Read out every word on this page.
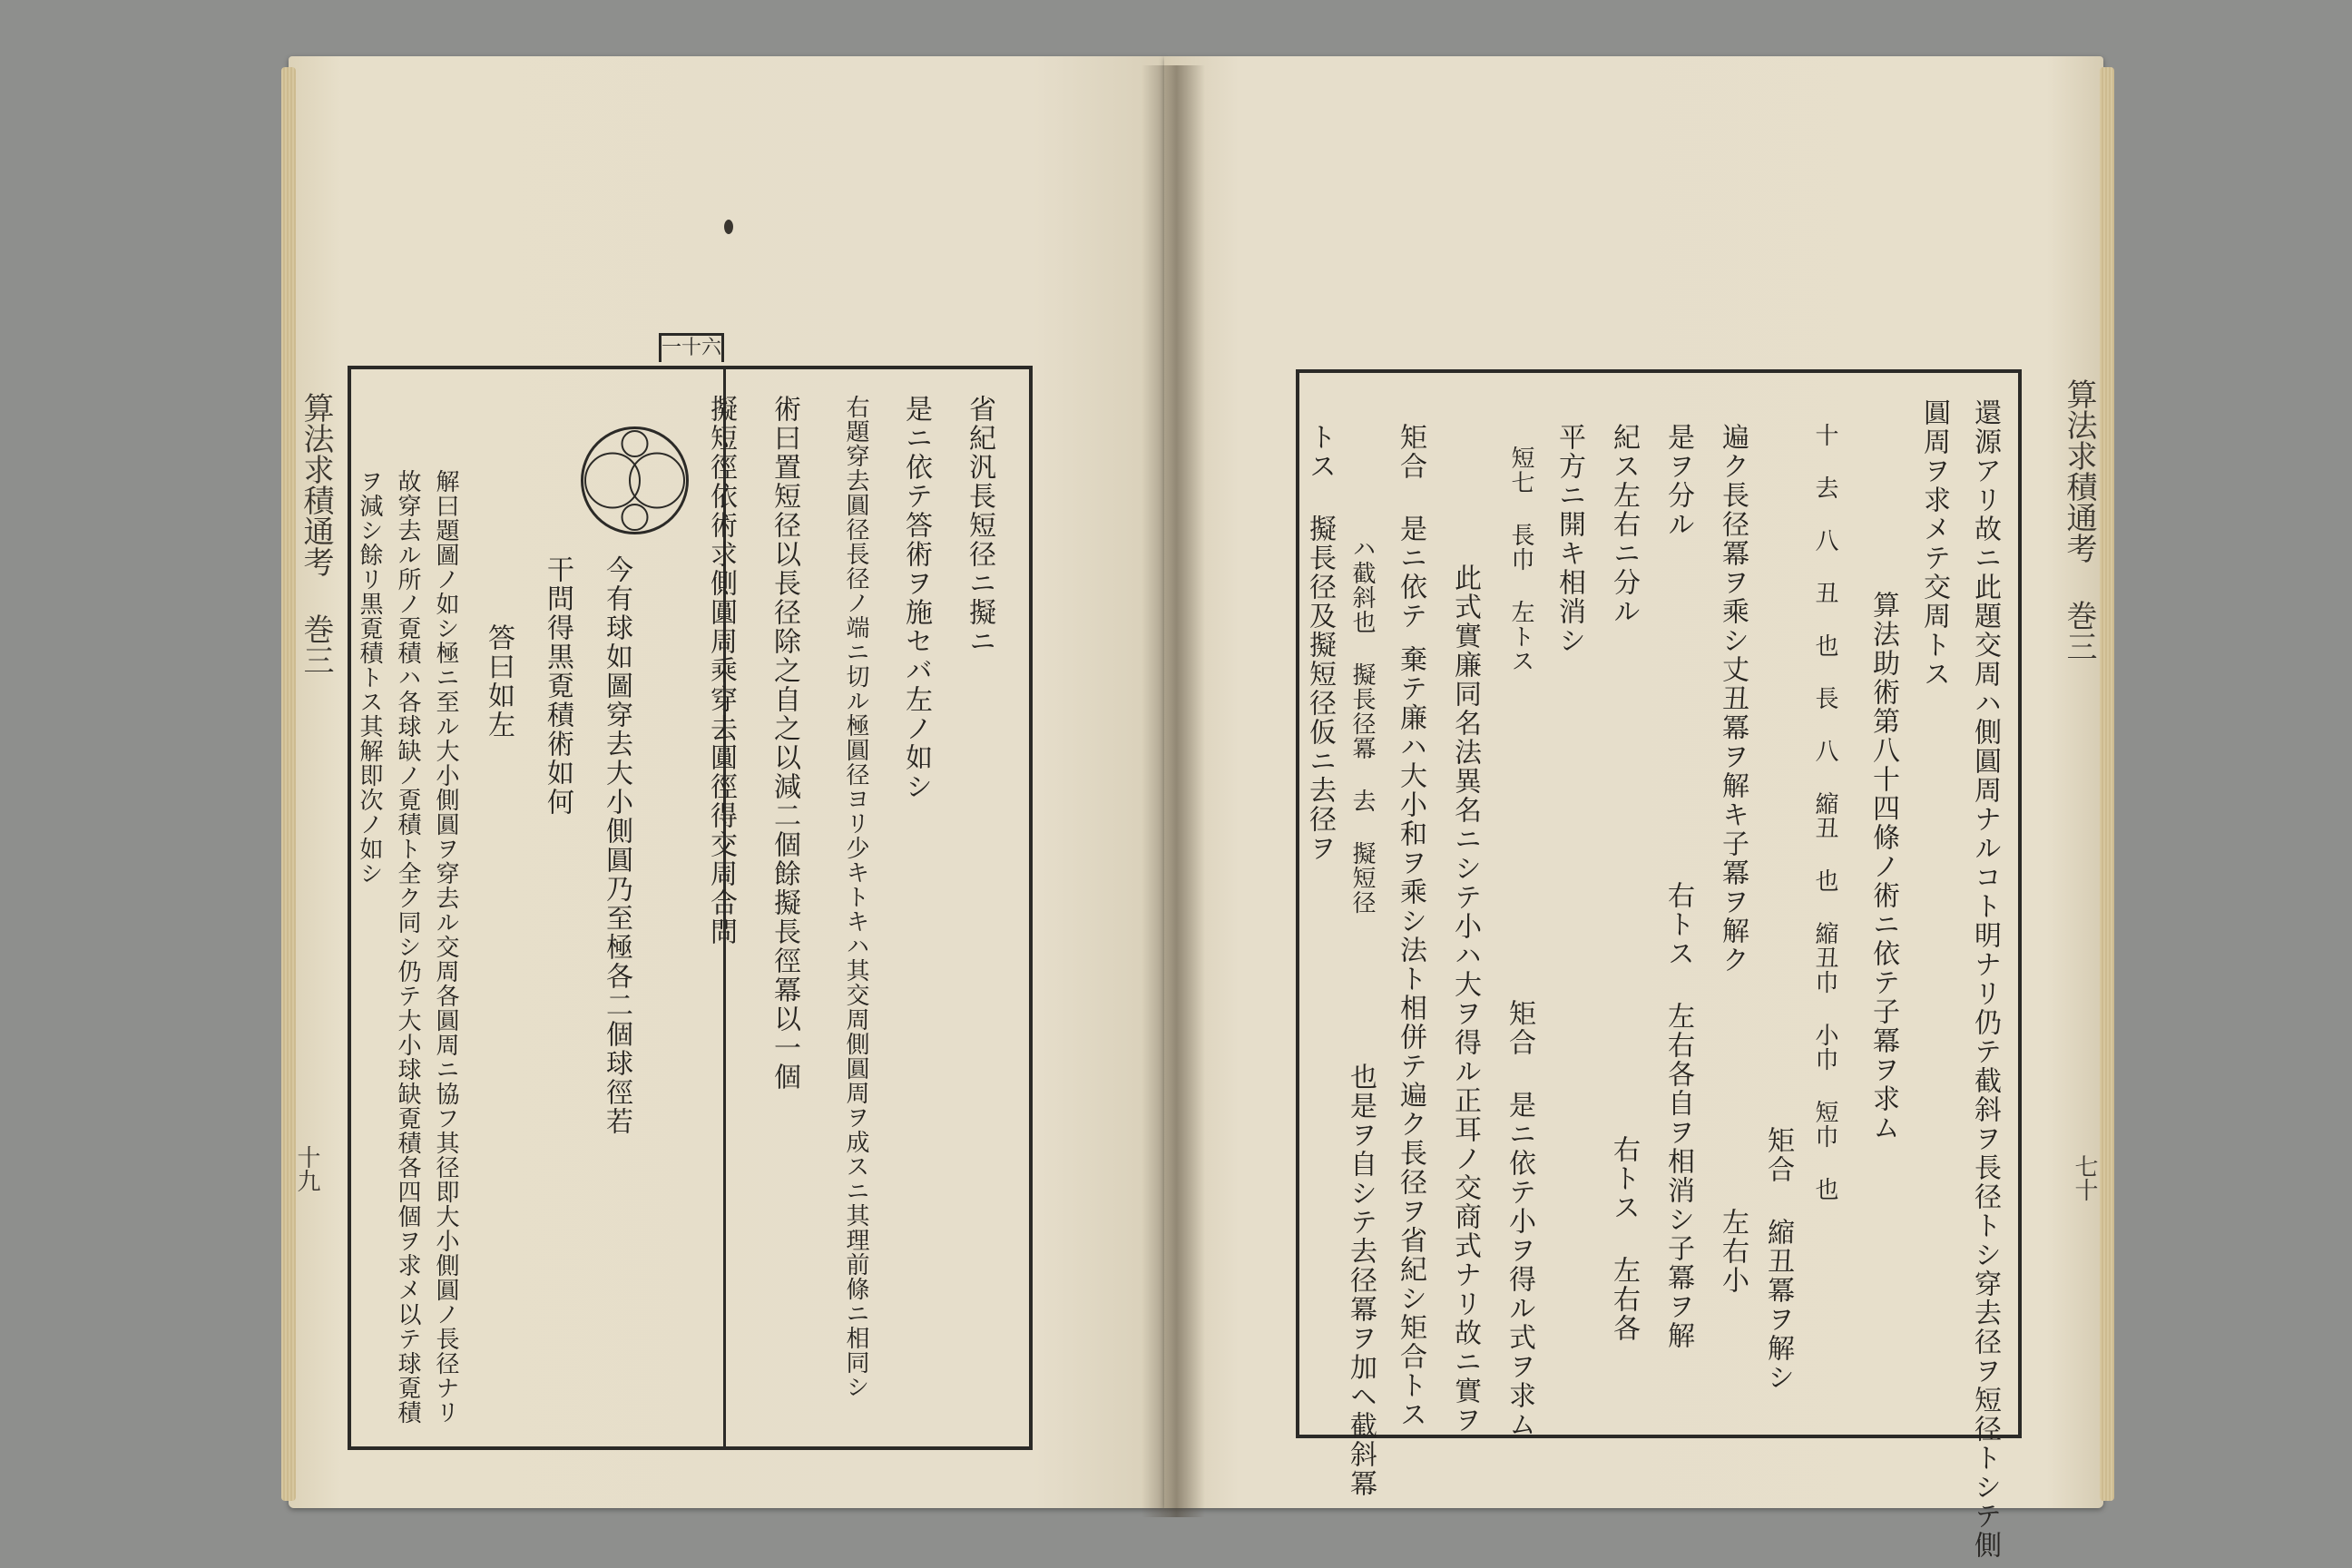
算法求積通考 巻三
十九
一十六
省紀汎長短径ニ擬ニ
是ニ依テ答術ヲ施セバ左ノ如シ
右題穿去圓径長径ノ端ニ切ル極圓径ヨリ少キトキハ其交周側圓周ヲ成スニ其理前條ニ相同シ
術曰置短径以長径除之自之以減二個餘擬長徑冪以一個
擬短徑依術求側圓周乘穿去圓徑得交周合問
今有球如圖穿去大小側圓乃至極各二個球徑若
干問得黒覔積術如何
答曰如左
解曰題圖ノ如シ極ニ至ル大小側圓ヲ穿去ル交周各圓周ニ協フ其径即大小側圓ノ長径ナリ
故穿去ル所ノ覔積ハ各球缺ノ覔積ト全ク同シ仍テ大小球缺覔積各四個ヲ求メ以テ球覔積
ヲ減シ餘リ黒覔積トス其解即次ノ如シ	算法求積通考 巻三
七十
還源アリ故ニ此題交周ハ側圓周ナルコト明ナリ仍テ截斜ヲ長径トシ穿去径ヲ短径トシテ側
圓周ヲ求メテ交周トス
算法助術第八十四條ノ術ニ依テ子冪ヲ求ム
十 去 八 丑 也 長 八 縮丑 也 縮丑巾 小巾 短巾 也
矩合 縮丑冪ヲ解シ
遍ク長径冪ヲ乘シ丈丑冪ヲ解キ子冪ヲ解ク
左右小
是ヲ分ル
右トス 左右各自ヲ相消シ子冪ヲ解
紀ス左右ニ分ル
右トス 左右各
平方ニ開キ相消シ
短七 長巾 左トス
矩合 是ニ依テ小ヲ得ル式ヲ求ム
此式實廉同名法異名ニシテ小ハ大ヲ得ル正耳ノ交商式ナリ故ニ實ヲ
棄テ廉ハ大小和ヲ乘シ法ト相併テ遍ク長径ヲ省紀シ矩合トス
矩合 是ニ依テ
ハ截斜也 擬長径冪 去 擬短径
也是ヲ自シテ去径冪ヲ加ヘ截斜冪
トス 擬長径及擬短径仮ニ去径ヲ
